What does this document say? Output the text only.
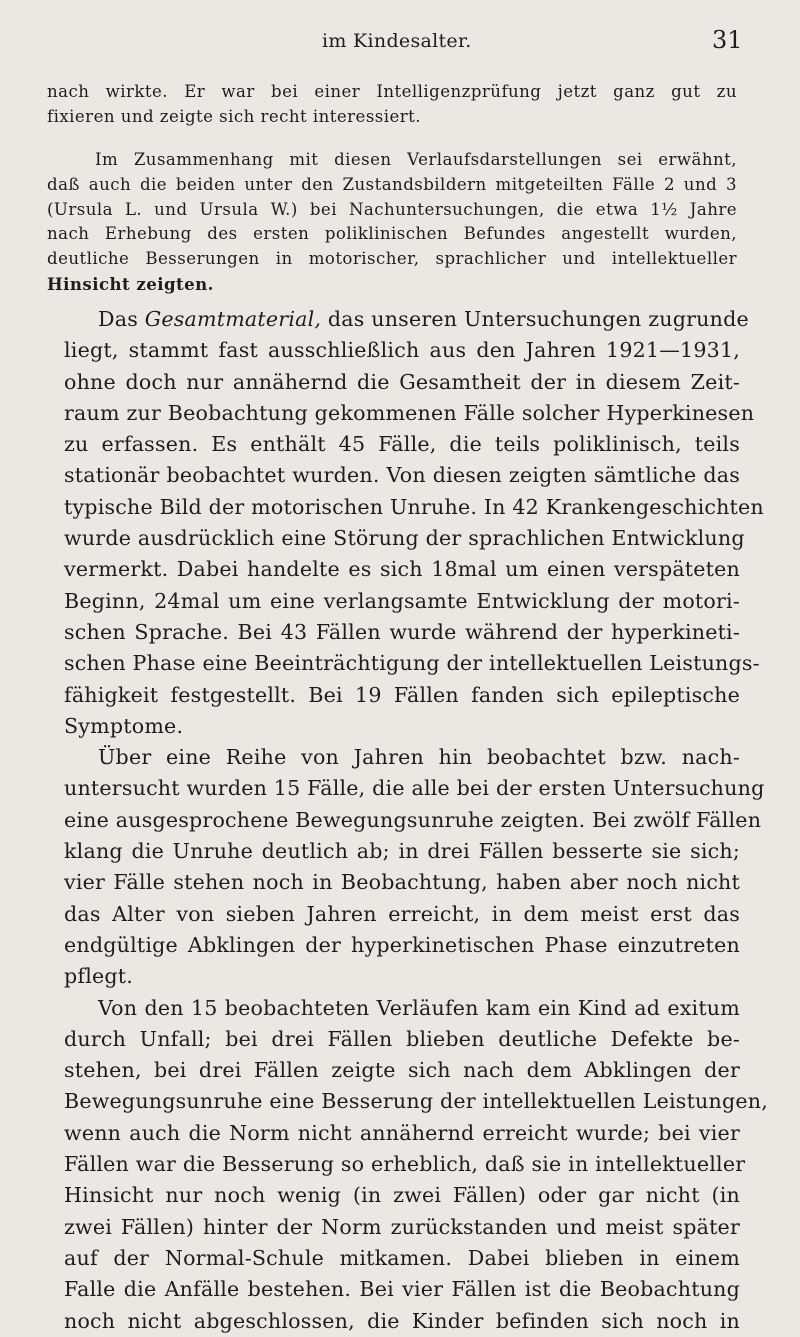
im Kindesalter.	31
nach wirkte. Er war bei einer Intelligenzprüfung jetzt ganz gut zu
fixieren und zeigte sich recht interessiert.
Im Zusammenhang mit diesen Verlaufsdarstellungen sei erwähnt,
daß auch die beiden unter den Zustandsbildern mitgeteilten Fälle 2 und 3
(Ursula L. und Ursula W.) bei Nachuntersuchungen, die etwa 1½ Jahre
nach Erhebung des ersten poliklinischen Befundes angestellt wurden,
deutliche Besserungen in motorischer, sprachlicher und intellektueller
Hinsicht zeigten.
Das Gesamtmaterial, das unseren Untersuchungen zugrunde
liegt, stammt fast ausschließlich aus den Jahren 1921—1931,
ohne doch nur annähernd die Gesamtheit der in diesem Zeit-
raum zur Beobachtung gekommenen Fälle solcher Hyperkinesen
zu erfassen. Es enthält 45 Fälle, die teils poliklinisch, teils
stationär beobachtet wurden. Von diesen zeigten sämtliche das
typische Bild der motorischen Unruhe. In 42 Krankengeschichten
wurde ausdrücklich eine Störung der sprachlichen Entwicklung
vermerkt. Dabei handelte es sich 18mal um einen verspäteten
Beginn, 24mal um eine verlangsamte Entwicklung der motori-
schen Sprache. Bei 43 Fällen wurde während der hyperkineti-
schen Phase eine Beeinträchtigung der intellektuellen Leistungs-
fähigkeit festgestellt. Bei 19 Fällen fanden sich epileptische
Symptome.
Über eine Reihe von Jahren hin beobachtet bzw. nach-
untersucht wurden 15 Fälle, die alle bei der ersten Untersuchung
eine ausgesprochene Bewegungsunruhe zeigten. Bei zwölf Fällen
klang die Unruhe deutlich ab; in drei Fällen besserte sie sich;
vier Fälle stehen noch in Beobachtung, haben aber noch nicht
das Alter von sieben Jahren erreicht, in dem meist erst das
endgültige Abklingen der hyperkinetischen Phase einzutreten
pflegt.
Von den 15 beobachteten Verläufen kam ein Kind ad exitum
durch Unfall; bei drei Fällen blieben deutliche Defekte be-
stehen, bei drei Fällen zeigte sich nach dem Abklingen der
Bewegungsunruhe eine Besserung der intellektuellen Leistungen,
wenn auch die Norm nicht annähernd erreicht wurde; bei vier
Fällen war die Besserung so erheblich, daß sie in intellektueller
Hinsicht nur noch wenig (in zwei Fällen) oder gar nicht (in
zwei Fällen) hinter der Norm zurückstanden und meist später
auf der Normal-Schule mitkamen. Dabei blieben in einem
Falle die Anfälle bestehen. Bei vier Fällen ist die Beobachtung
noch nicht abgeschlossen, die Kinder befinden sich noch in
